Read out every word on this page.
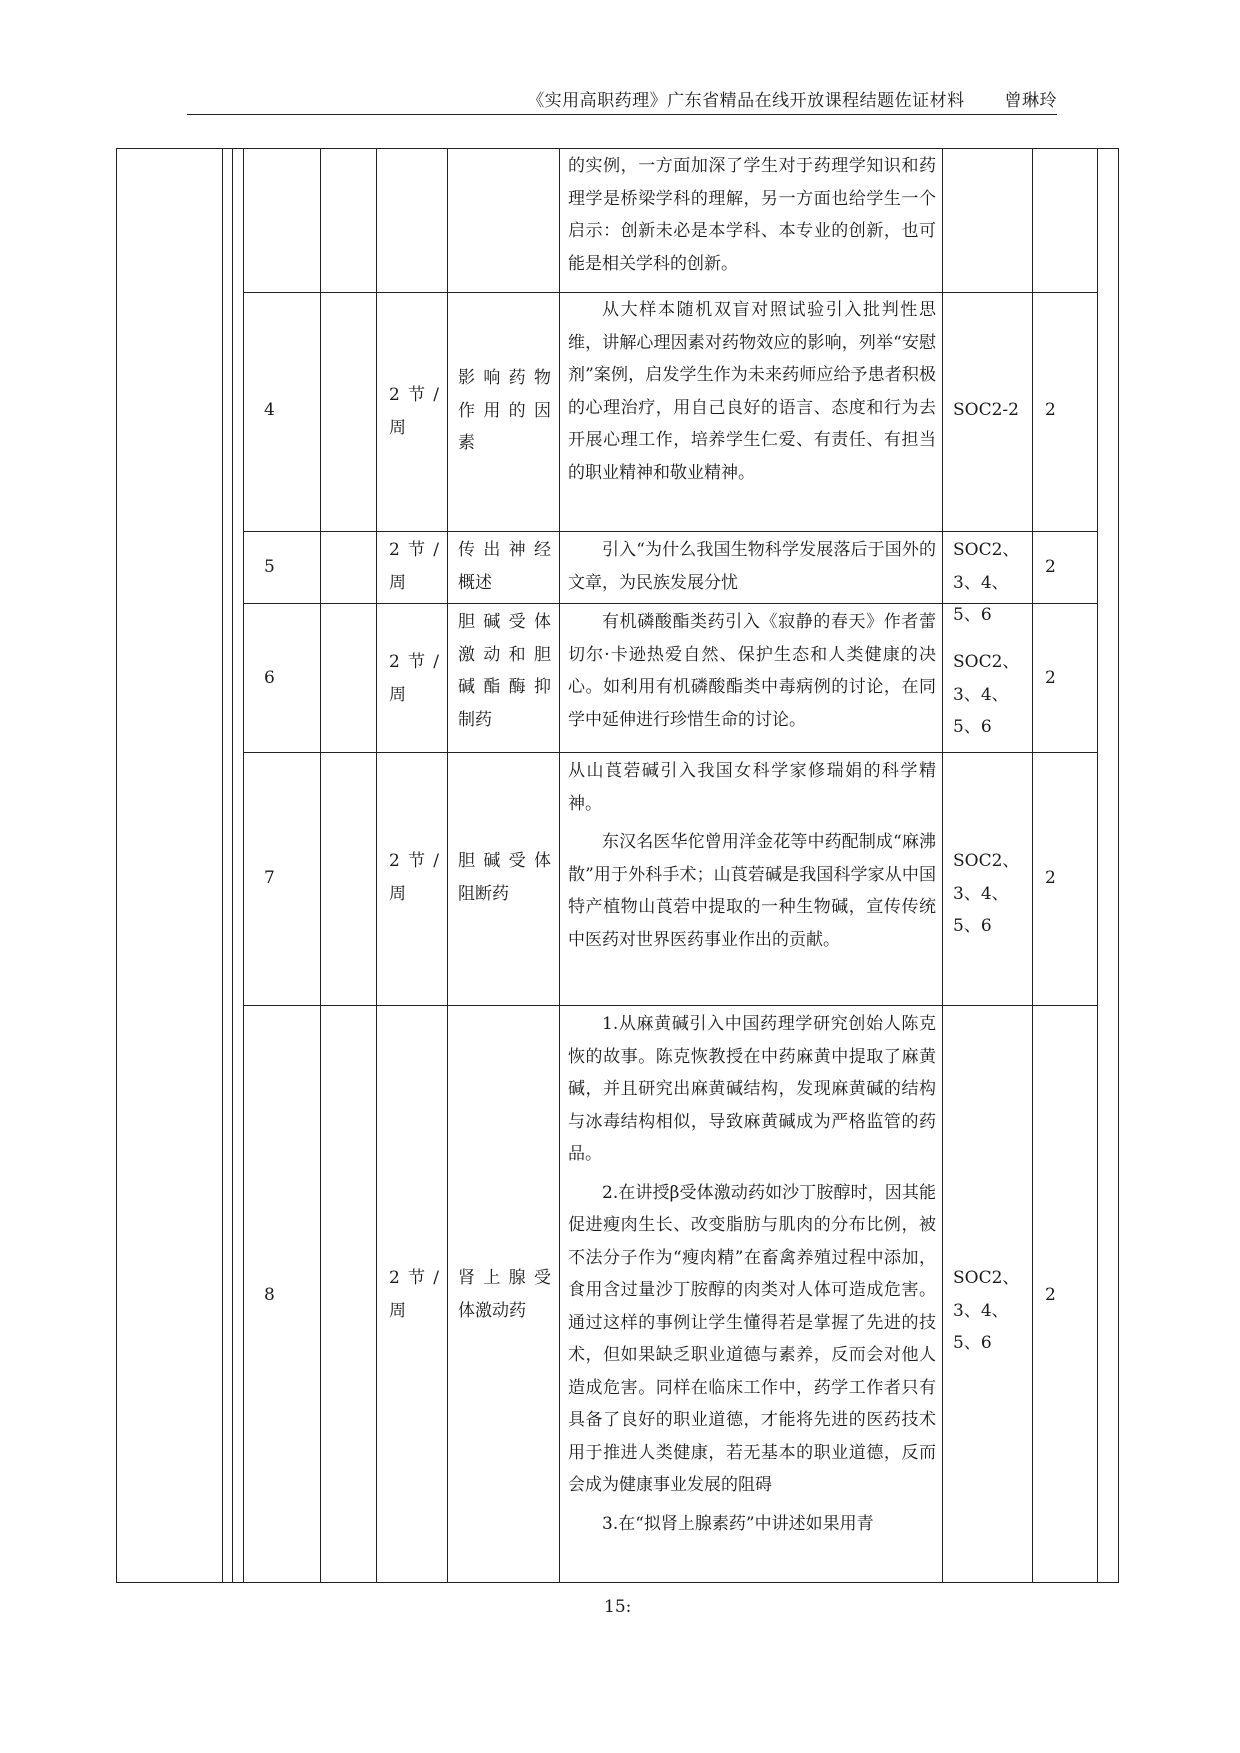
《实用高职药理》广东省精品在线开放课程结题佐证材料 曾琳玲

的实例，一方面加深了学生对于药理学知识和药理学是桥梁学科的理解，另一方面也给学生一个启示：创新未必是本学科、本专业的创新，也可能是相关学科的创新。

4
2节/周
影响药物
作用的因
素

从大样本随机双盲对照试验引入批判性思维，讲解心理因素对药物效应的影响，列举“安慰剂”案例，启发学生作为未来药师应给予患者积极的心理治疗，用自己良好的语言、态度和行为去开展心理工作，培养学生仁爱、有责任、有担当的职业精神和敬业精神。

SOC2-2	2
5
2节/周
传出神经
概述

引入“为什么我国生物科学发展落后于国外的文章，为民族发展分忧

SOC2、3、4、5、6
2
6
2节/周
胆碱受体
激动和胆
碱酯酶抑
制药

有机磷酸酯类药引入《寂静的春天》作者蕾切尔·卡逊热爱自然、保护生态和人类健康的决心。如利用有机磷酸酯类中毒病例的讨论，在同学中延伸进行珍惜生命的讨论。

SOC2、3、4、5、6
2
7
2节/周
胆碱受体
阻断药

从山莨菪碱引入我国女科学家修瑞娟的科学精神。

东汉名医华佗曾用洋金花等中药配制成“麻沸散”用于外科手术；山莨菪碱是我国科学家从中国特产植物山莨菪中提取的一种生物碱，宣传传统中医药对世界医药事业作出的贡献。

SOC2、3、4、5、6
2
8
2节/周
肾上腺受
体激动药

1.从麻黄碱引入中国药理学研究创始人陈克恢的故事。陈克恢教授在中药麻黄中提取了麻黄碱，并且研究出麻黄碱结构，发现麻黄碱的结构与冰毒结构相似，导致麻黄碱成为严格监管的药品。

2.在讲授β受体激动药如沙丁胺醇时，因其能促进瘦肉生长、改变脂肪与肌肉的分布比例，被不法分子作为“瘦肉精”在畜禽养殖过程中添加，食用含过量沙丁胺醇的肉类对人体可造成危害。通过这样的事例让学生懂得若是掌握了先进的技术，但如果缺乏职业道德与素养，反而会对他人造成危害。同样在临床工作中，药学工作者只有具备了良好的职业道德，才能将先进的医药技术用于推进人类健康，若无基本的职业道德，反而会成为健康事业发展的阻碍

3.在“拟肾上腺素药”中讲述如果用青

SOC2、3、4、5、6
2
15:
